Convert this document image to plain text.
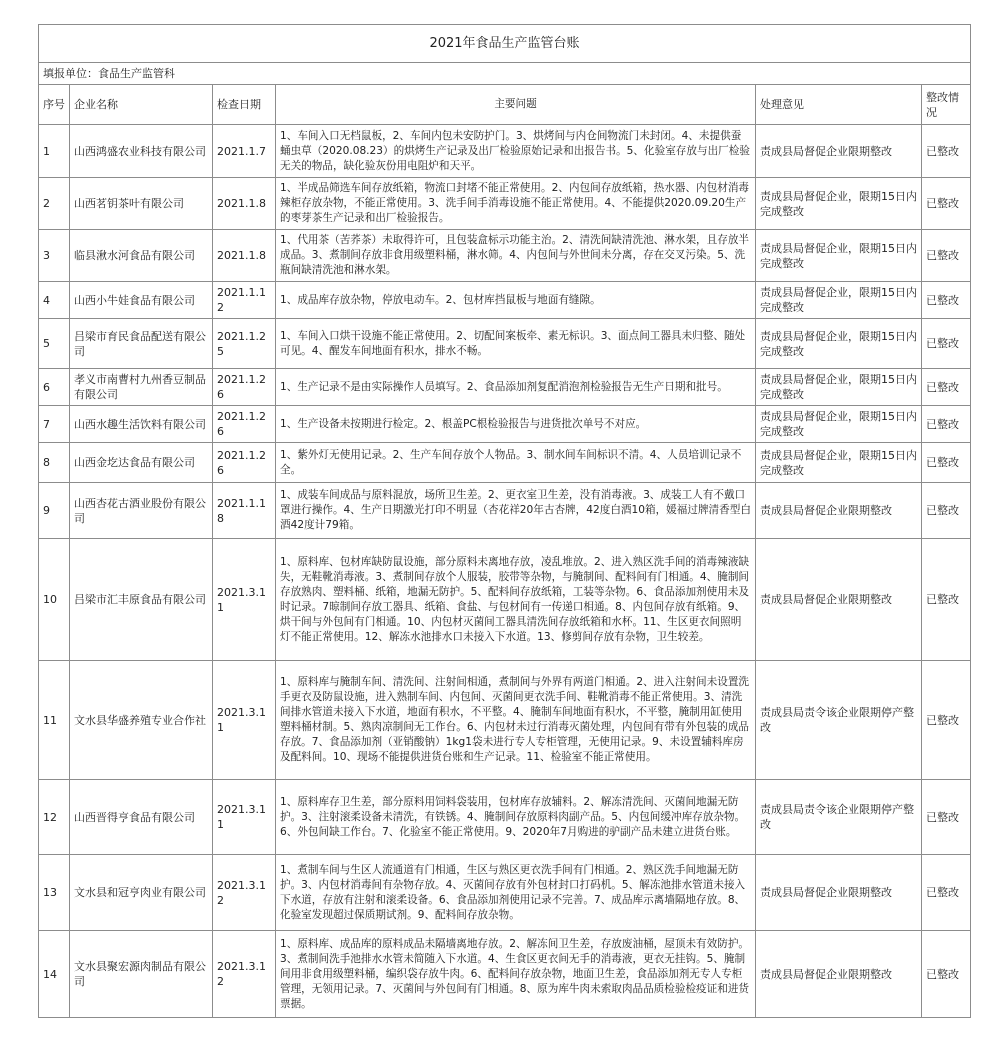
2021年食品生产监管台账					
填报单位：食品生产监管科					
序号	企业名称	检查日期	主要问题	处理意见	整改情况
1	山西鸿盛农业科技有限公司	2021.1.7	1、车间入口无档鼠板，2、车间内包未安防护门。3、烘烤间与内仓间物流门未封闭。4、未提供蚕蛹虫草（2020.08.23）的烘烤生产记录及出厂检验原始记录和出报告书。5、化验室存放与出厂检验无关的物品，缺化验灰份用电阻炉和天平。	责成县局督促企业限期整改	已整改
2	山西茗钥茶叶有限公司	2021.1.8	1、半成品筛选车间存放纸箱，物流口封堵不能正常使用。2、内包间存放纸箱，热水器、内包材消毒辣柜存放杂物，不能正常使用。3、洗手间手消毒设施不能正常使用。4、不能提供2020.09.20生产的枣芽茶生产记录和出厂检验报告。	责成县局督促企业，限期15日内完成整改	已整改
3	临县湫水河食品有限公司	2021.1.8	1、代用茶（苦荞茶）未取得许可，且包装盒标示功能主治。2、清洗间缺清洗池、淋水架，且存放半成品。3、煮制间存放非食用级塑料桶，淋水筛。4、内包间与外世间未分离，存在交叉污染。5、洗瓶间缺清洗池和淋水架。	责成县局督促企业，限期15日内完成整改	已整改
4	山西小牛娃食品有限公司	2021.1.12	1、成品库存放杂物，停放电动车。2、包材库挡鼠板与地面有缝隙。	责成县局督促企业，限期15日内完成整改	已整改
5	吕梁市育民食品配送有限公司	2021.1.25	1、车间入口烘干设施不能正常使用。2、切配间案板牵、素无标识。3、面点间工器具未归整、随处可见。4、醒发车间地面有积水，排水不畅。	责成县局督促企业，限期15日内完成整改	已整改
6	孝义市南曹村九州香豆制品有限公司	2021.1.26	1、生产记录不是由实际操作人员填写。2、食品添加剂复配消泡剂检验报告无生产日期和批号。	责成县局督促企业，限期15日内完成整改	已整改
7	山西水趣生活饮料有限公司	2021.1.26	1、生产设备未按期进行检定。2、根盖PC根检验报告与进货批次单号不对应。	责成县局督促企业，限期15日内完成整改	已整改
8	山西金圪达食品有限公司	2021.1.26	1、紫外灯无使用记录。2、生产车间存放个人物品。3、制水间车间标识不清。4、人员培训记录不全。	责成县局督促企业，限期15日内完成整改	已整改
9	山西杏花古酒业股份有限公司	2021.1.18	1、成装车间成品与原料混放，场所卫生差。2、更衣室卫生差，没有消毒液。3、成装工人有不戴口罩进行操作。4、生产日期激光打印不明显（杏花祥20年古杏牌，42度白酒10箱，媛福过牌清香型白酒42度计79箱。	责成县局督促企业限期整改	已整改
10	吕梁市汇丰原食品有限公司	2021.3.11	1、原料库、包材库缺防鼠设施，部分原料未离地存放，凌乱堆放。2、进入熟区洗手间的消毒辣液缺失，无鞋靴消毒液。3、煮制间存放个人服装，胶带等杂物，与腌制间、配料间有门相通。4、腌制间存放熟肉、塑料桶、纸箱，地漏无防护。5、配料间存放纸箱，工装等杂物。6、食品添加剂使用未及时记录。7晾制间存放工器具、纸箱、食盐、与包材间有一传递口相通。8、内包间存放有纸箱。9、烘干间与外包间有门相通。10、内包材灭菌间工器具清洗间存放纸箱和水杯。11、生区更衣间照明灯不能正常使用。12、解冻水池排水口未接入下水道。13、修剪间存放有杂物，卫生较差。	责成县局督促企业限期整改	已整改
11	文水县华盛养殖专业合作社	2021.3.11	1、原料库与腌制车间、清洗间、注射间相通，煮制间与外界有两道门相通。2、进入注射间未设置洗手更衣及防鼠设施，进入熟制车间、内包间、灭菌间更衣洗手间、鞋靴消毒不能正常使用。3、清洗间排水管道未接入下水道，地面有积水，不平整。4、腌制车间地面有积水，不平整，腌制用缸使用塑料桶材制。5、熟肉凉制间无工作台。6、内包材未过行消毒灭菌处理，内包间有带有外包装的成品存放。7、食品添加剂（亚销酸钠）1kg1袋未进行专人专柜管理，无使用记录。9、未设置辅料库房及配料间。10、现场不能提供进货台账和生产记录。11、检验室不能正常使用。	责成县局责令该企业限期停产整改	已整改
12	山西晋得亨食品有限公司	2021.3.11	1、原料库存卫生差，部分原料用饲料袋装用，包材库存放辅料。2、解冻清洗间、灭菌间地漏无防护。3、注射滚柔设备未清洗，有铁锈。4、腌制间存放原料肉副产品。5、内包间缓冲库存放杂物。6、外包间缺工作台。7、化验室不能正常使用。9、2020年7月购进的驴副产品未建立进货台账。	责成县局责令该企业限期停产整改	已整改
13	文水县和冠亨肉业有限公司	2021.3.12	1、煮制车间与生区人流通道有门相通，生区与熟区更衣洗手间有门相通。2、熟区洗手间地漏无防护。3、内包材消毒间有杂物存放。4、灭菌间存放有外包材封口打码机。5、解冻池排水管道未接入下水道，存放有注射和滚柔设备。6、食品添加剂使用记录不完善。7、成品库示离墙隔地存放。8、化验室发现超过保质期试剂。9、配料间存放杂物。	责成县局督促企业限期整改	已整改
14	文水县聚宏源肉制品有限公司	2021.3.12	1、原料库、成品库的原料成品未隔墙离地存放。2、解冻间卫生差，存放废油桶，屋顶未有效防护。3、煮制间洗手池排水水管未简随入下水道。4、生食区更衣间无手的消毒液，更衣无挂钩。5、腌制间用非食用级塑料桶，编织袋存放牛肉。6、配料间存放杂物，地面卫生差，食品添加剂无专人专柜管理，无领用记录。7、灭菌间与外包间有门相通。8、原为库牛肉未索取肉品品质检验检疫证和进货票据。	责成县局督促企业限期整改	已整改
